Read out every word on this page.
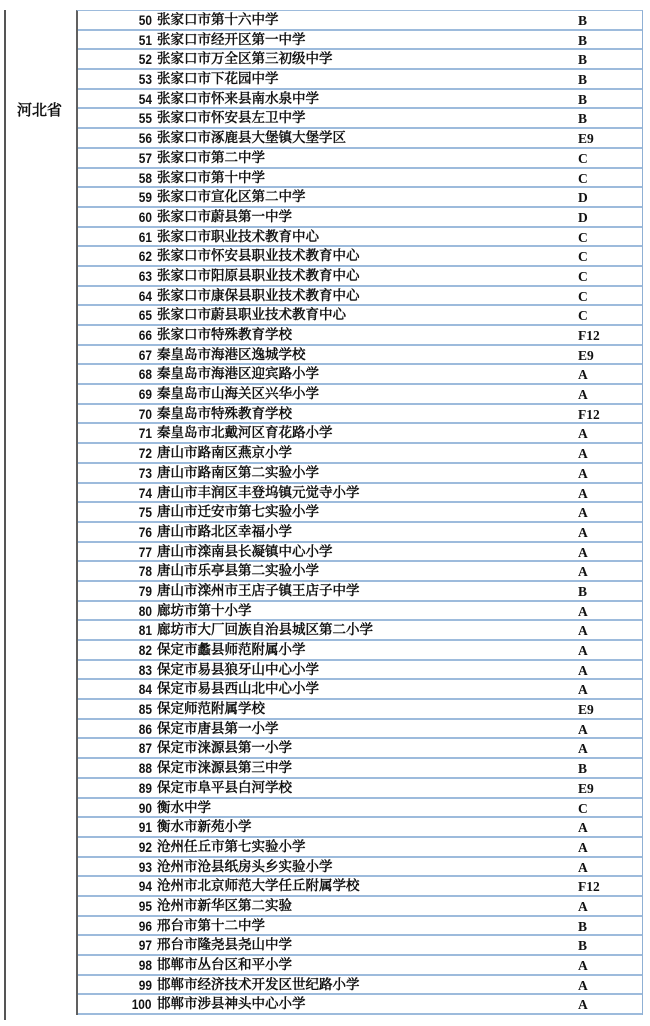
河北省
50 张家口市第十六中学	B
51 张家口市经开区第一中学	B
52 张家口市万全区第三初级中学	B
53 张家口市下花园中学	B
54 张家口市怀来县南水泉中学	B
55 张家口市怀安县左卫中学	B
56 张家口市涿鹿县大堡镇大堡学区	E9
57 张家口市第二中学	C
58 张家口市第十中学	C
59 张家口市宣化区第二中学	D
60 张家口市蔚县第一中学	D
61 张家口市职业技术教育中心	C
62 张家口市怀安县职业技术教育中心	C
63 张家口市阳原县职业技术教育中心	C
64 张家口市康保县职业技术教育中心	C
65 张家口市蔚县职业技术教育中心	C
66 张家口市特殊教育学校	F12
67 秦皇岛市海港区逸城学校	E9
68 秦皇岛市海港区迎宾路小学	A
69 秦皇岛市山海关区兴华小学	A
70 秦皇岛市特殊教育学校	F12
71 秦皇岛市北戴河区育花路小学	A
72 唐山市路南区燕京小学	A
73 唐山市路南区第二实验小学	A
74 唐山市丰润区丰登坞镇元觉寺小学	A
75 唐山市迁安市第七实验小学	A
76 唐山市路北区幸福小学	A
77 唐山市滦南县长凝镇中心小学	A
78 唐山市乐亭县第二实验小学	A
79 唐山市滦州市王店子镇王店子中学	B
80 廊坊市第十小学	A
81 廊坊市大厂回族自治县城区第二小学	A
82 保定市蠡县师范附属小学	A
83 保定市易县狼牙山中心小学	A
84 保定市易县西山北中心小学	A
85 保定师范附属学校	E9
86 保定市唐县第一小学	A
87 保定市涞源县第一小学	A
88 保定市涞源县第三中学	B
89 保定市阜平县白河学校	E9
90 衡水中学	C
91 衡水市新苑小学	A
92 沧州任丘市第七实验小学	A
93 沧州市沧县纸房头乡实验小学	A
94 沧州市北京师范大学任丘附属学校	F12
95 沧州市新华区第二实验	A
96 邢台市第十二中学	B
97 邢台市隆尧县尧山中学	B
98 邯郸市丛台区和平小学	A
99 邯郸市经济技术开发区世纪路小学	A
100 邯郸市涉县神头中心小学	A
